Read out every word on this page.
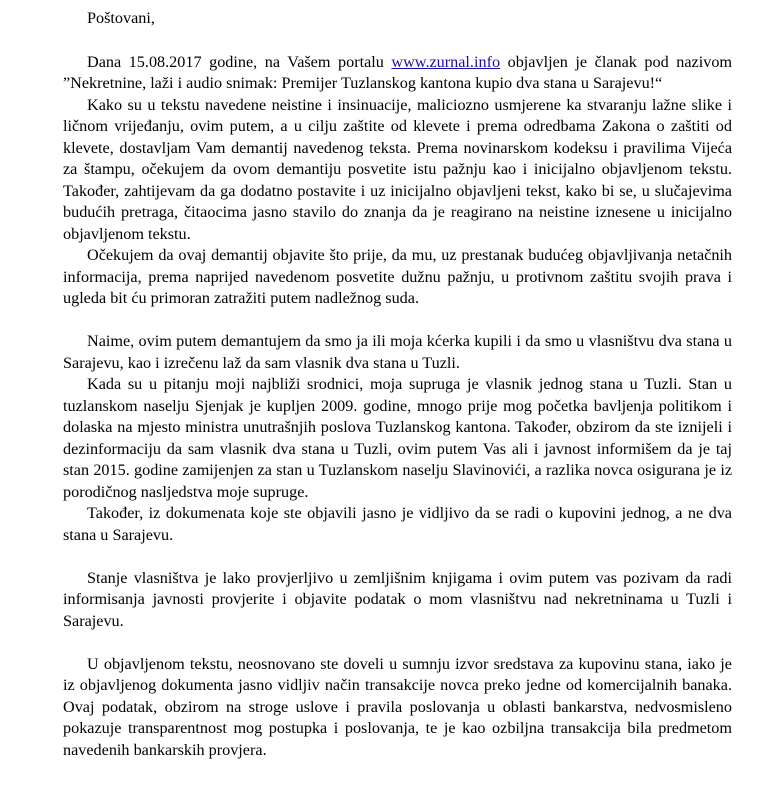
Poštovani,

Dana 15.08.2017 godine, na Vašem portalu www.zurnal.info objavljen je članak pod nazivom ”Nekretnine, laži i audio snimak: Premijer Tuzlanskog kantona kupio dva stana u Sarajevu!“

Kako su u tekstu navedene neistine i insinuacije, maliciozno usmjerene ka stvaranju lažne slike i ličnom vrijeđanju, ovim putem, a u cilju zaštite od klevete i prema odredbama Zakona o zaštiti od klevete, dostavljam Vam demantij navedenog teksta. Prema novinarskom kodeksu i pravilima Vijeća za štampu, očekujem da ovom demantiju posvetite istu pažnju kao i inicijalno objavljenom tekstu. Također, zahtijevam da ga dodatno postavite i uz inicijalno objavljeni tekst, kako bi se, u slučajevima budućih pretraga, čitaocima jasno stavilo do znanja da je reagirano na neistine iznesene u inicijalno objavljenom tekstu.

Očekujem da ovaj demantij objavite što prije, da mu, uz prestanak budućeg objavljivanja netačnih informacija, prema naprijed navedenom posvetite dužnu pažnju, u protivnom zaštitu svojih prava i ugleda bit ću primoran zatražiti putem nadležnog suda.

Naime, ovim putem demantujem da smo ja ili moja kćerka kupili i da smo u vlasništvu dva stana u Sarajevu, kao i izrečenu laž da sam vlasnik dva stana u Tuzli.

Kada su u pitanju moji najbliži srodnici, moja supruga je vlasnik jednog stana u Tuzli. Stan u tuzlanskom naselju Sjenjak je kupljen 2009. godine, mnogo prije mog početka bavljenja politikom i dolaska na mjesto ministra unutrašnjih poslova Tuzlanskog kantona. Također, obzirom da ste iznijeli i dezinformaciju da sam vlasnik dva stana u Tuzli, ovim putem Vas ali i javnost informišem da je taj stan 2015. godine zamijenjen za stan u Tuzlanskom naselju Slavinovići, a razlika novca osigurana je iz porodičnog nasljedstva moje supruge.

Također, iz dokumenata koje ste objavili jasno je vidljivo da se radi o kupovini jednog, a ne dva stana u Sarajevu.

Stanje vlasništva je lako provjerljivo u zemljišnim knjigama i ovim putem vas pozivam da radi informisanja javnosti provjerite i objavite podatak o mom vlasništvu nad nekretninama u Tuzli i Sarajevu.

U objavljenom tekstu, neosnovano ste doveli u sumnju izvor sredstava za kupovinu stana, iako je iz objavljenog dokumenta jasno vidljiv način transakcije novca preko jedne od komercijalnih banaka. Ovaj podatak, obzirom na stroge uslove i pravila poslovanja u oblasti bankarstva, nedvosmisleno pokazuje transparentnost mog postupka i poslovanja, te je kao ozbiljna transakcija bila predmetom navedenih bankarskih provjera.
